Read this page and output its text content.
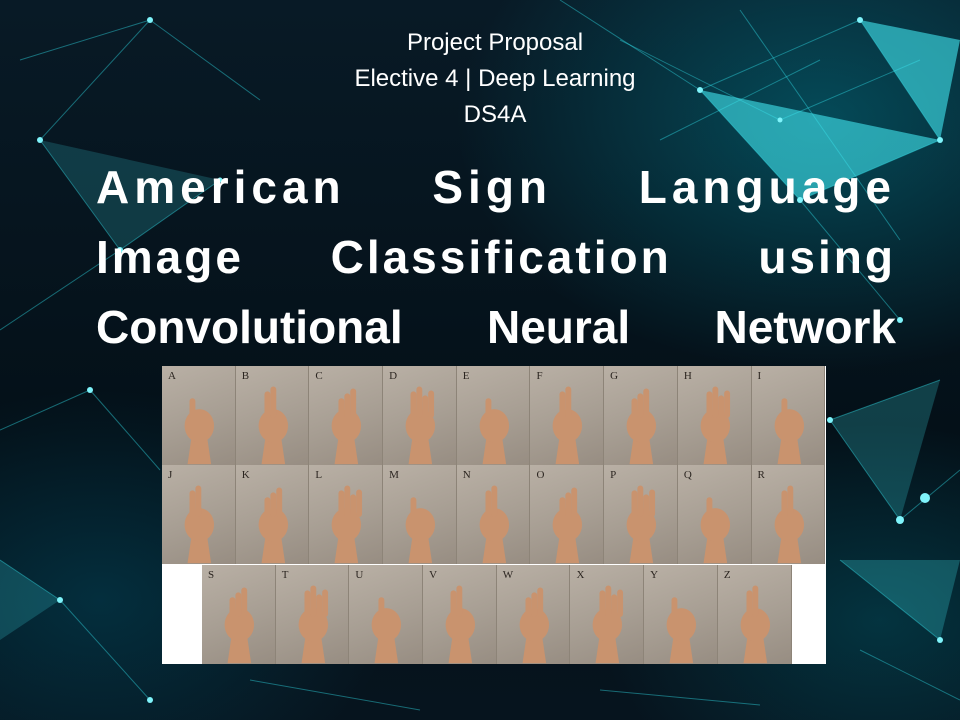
Project Proposal
Elective 4 | Deep Learning
DS4A
American Sign Language
Image Classification using
Convolutional Neural Network
A	B	C	D	E	F	G	H	I
J	K	L	M	N	O	P	Q	R
S	T	U	V	W	X	Y	Z
